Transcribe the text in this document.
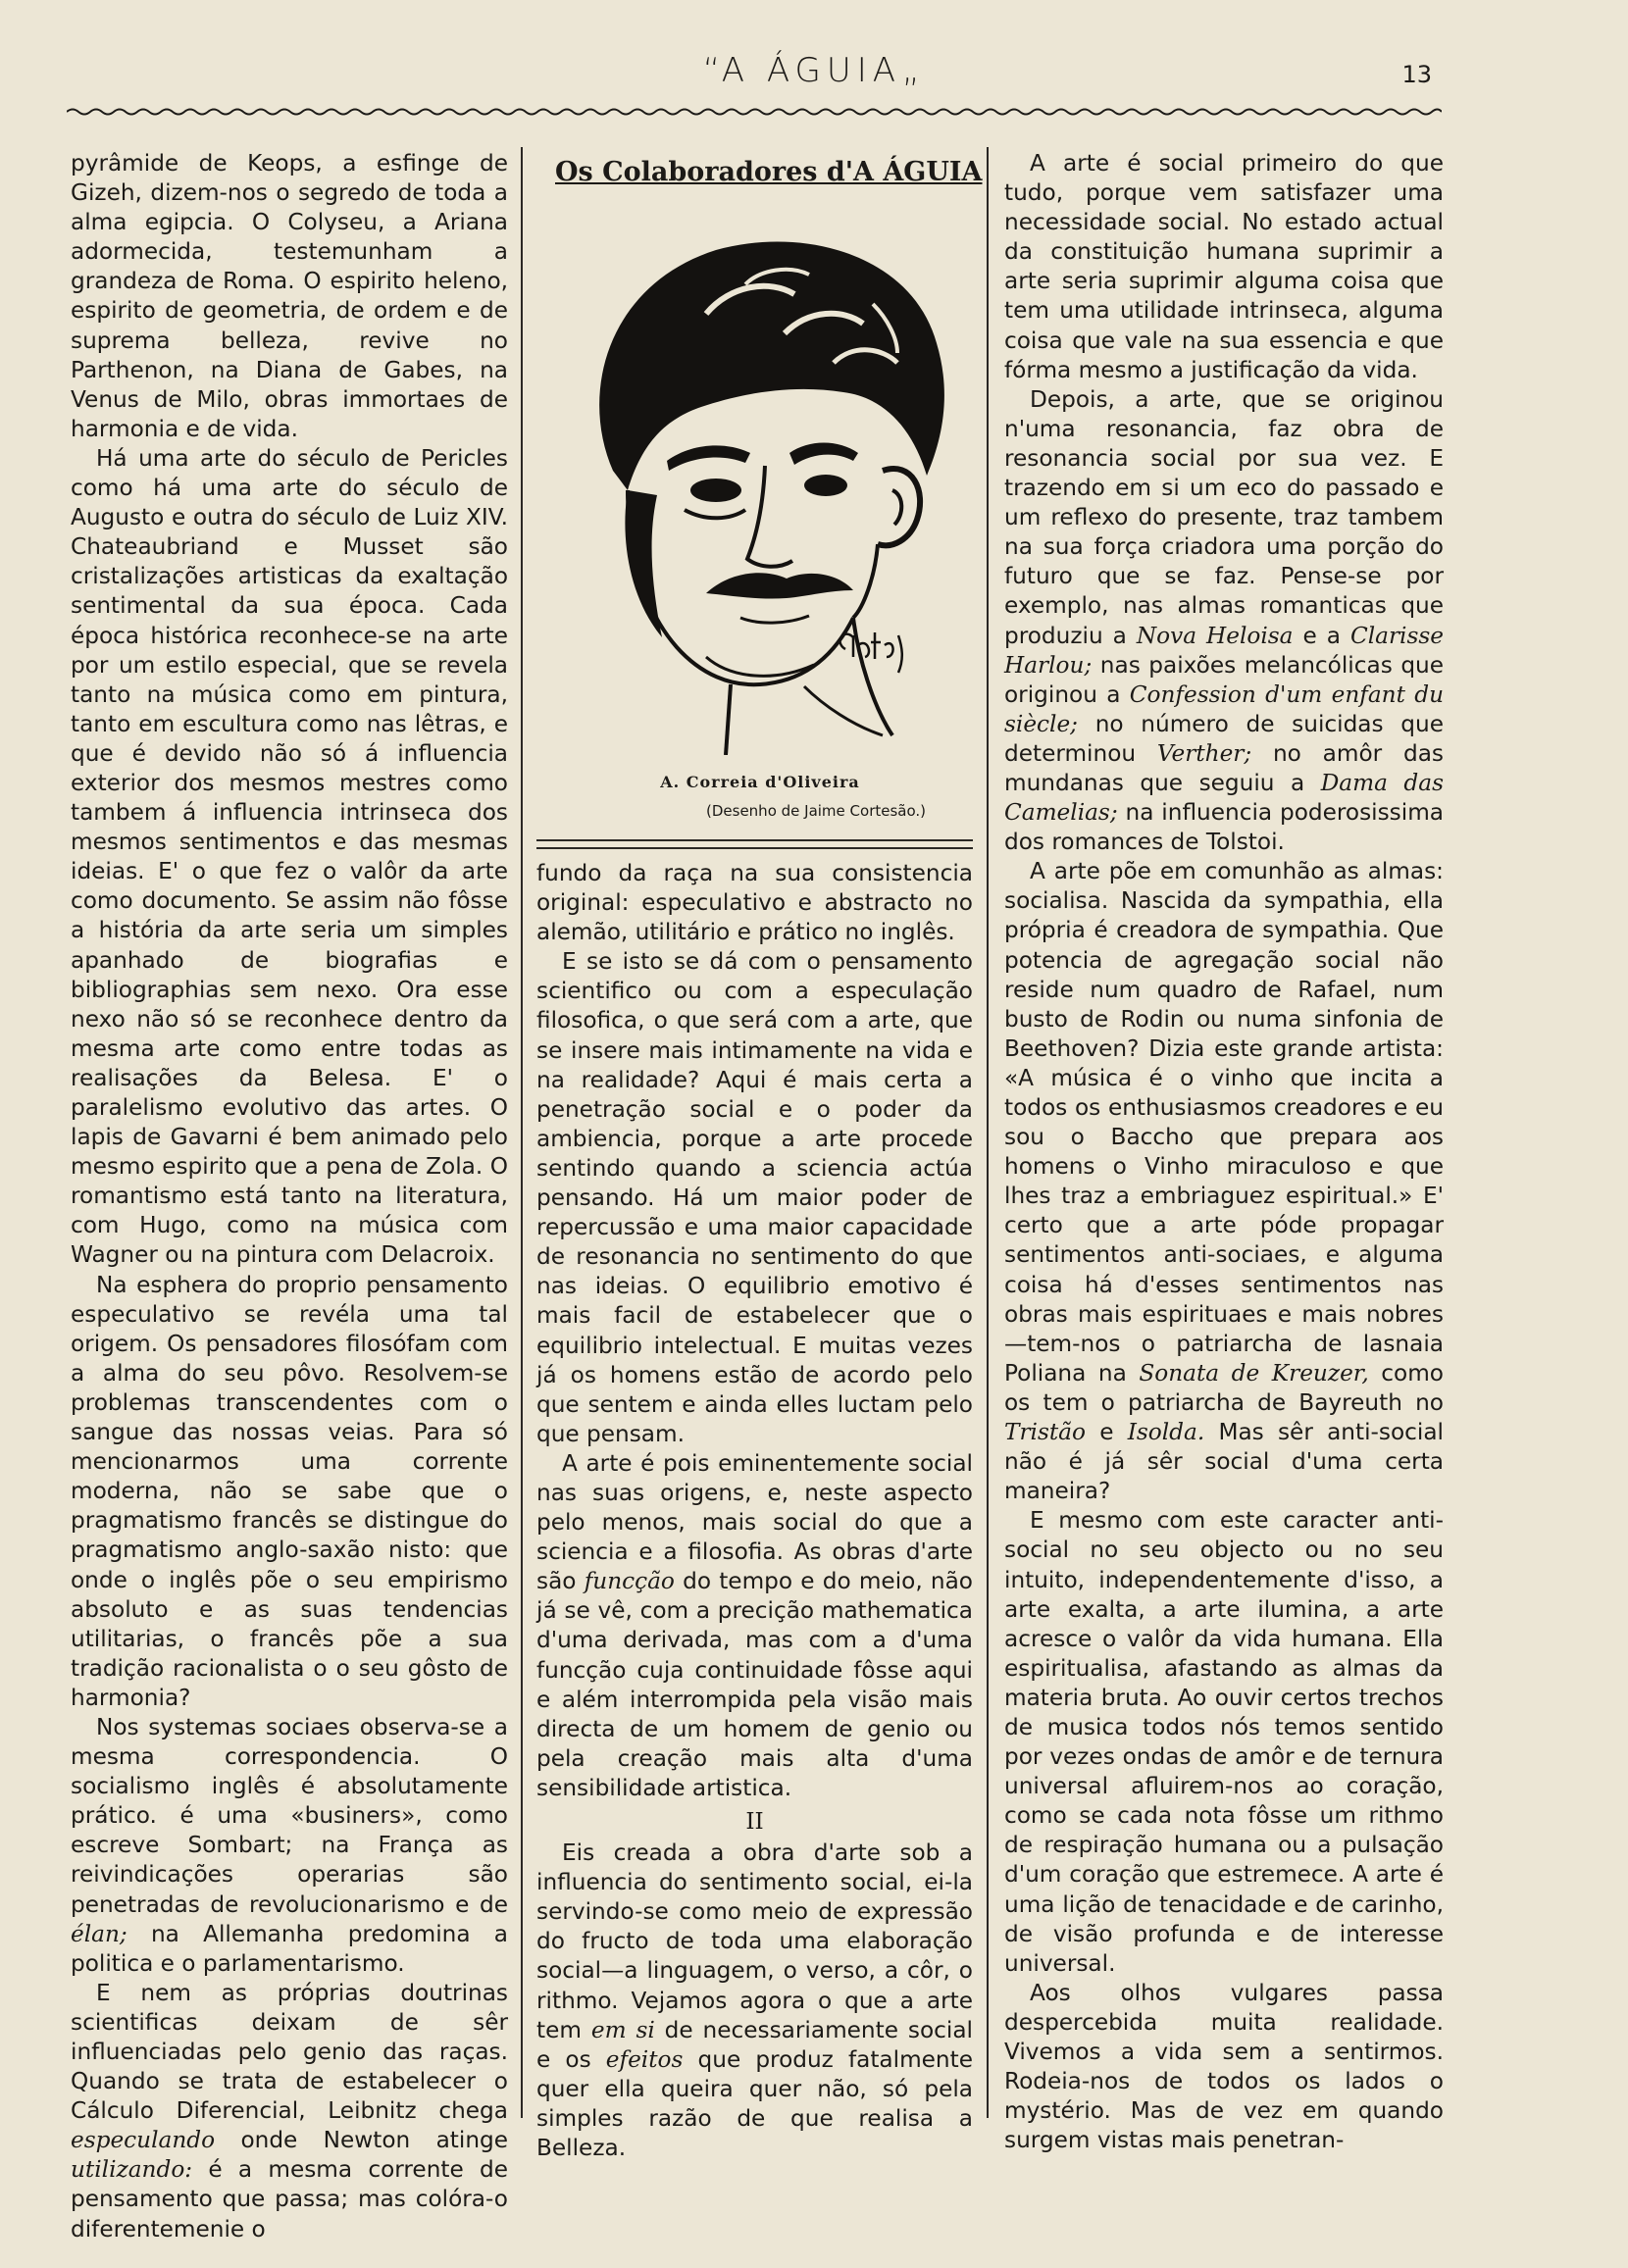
“A ÁGUIA„	13

pyrâmide de Keops, a esfinge de Gizeh, dizem-nos o segredo de toda a alma egipcia. O Colyseu, a Ariana adormecida, testemunham a grandeza de Roma. O espirito heleno, espirito de geometria, de ordem e de suprema belleza, revive no Parthenon, na Diana de Gabes, na Venus de Milo, obras immortaes de harmonia e de vida.

Há uma arte do século de Pericles como há uma arte do século de Augusto e outra do século de Luiz XIV. Chateaubriand e Musset são cristalizações artisticas da exaltação sentimental da sua época. Cada época histórica reconhece-se na arte por um estilo especial, que se revela tanto na música como em pintura, tanto em escultura como nas lêtras, e que é devido não só á influencia exterior dos mesmos mestres como tambem á influencia intrinseca dos mesmos sentimentos e das mesmas ideias. E' o que fez o valôr da arte como documento. Se assim não fôsse a história da arte seria um simples apanhado de biografias e bibliographias sem nexo. Ora esse nexo não só se reconhece dentro da mesma arte como entre todas as realisações da Belesa. E' o paralelismo evolutivo das artes. O lapis de Gavarni é bem animado pelo mesmo espirito que a pena de Zola. O romantismo está tanto na literatura, com Hugo, como na música com Wagner ou na pintura com Delacroix.

Na esphera do proprio pensamento especulativo se revéla uma tal origem. Os pensadores filosófam com a alma do seu pôvo. Resolvem-se problemas transcendentes com o sangue das nossas veias. Para só mencionarmos uma corrente moderna, não se sabe que o pragmatismo francês se distingue do pragmatismo anglo-saxão nisto: que onde o inglês põe o seu empirismo absoluto e as suas tendencias utilitarias, o francês põe a sua tradição racionalista o o seu gôsto de harmonia?

Nos systemas sociaes observa-se a mesma correspondencia. O socialismo inglês é absolutamente prático. é uma «businers», como escreve Sombart; na França as reivindicações operarias são penetradas de revolucionarismo e de élan; na Allemanha predomina a politica e o parlamentarismo.

E nem as próprias doutrinas scientificas deixam de sêr influenciadas pelo genio das raças. Quando se trata de estabelecer o Cálculo Diferencial, Leibnitz chega especulando onde Newton atinge utilizando: é a mesma corrente de pensamento que passa; mas colóra-o diferentemenie o

Os Colaboradores d'A ÁGUIA
A. Correia d'Oliveira
(Desenho de Jaime Cortesão.)

fundo da raça na sua consistencia original: especulativo e abstracto no alemão, utilitário e prático no inglês.

E se isto se dá com o pensamento scientifico ou com a especulação filosofica, o que será com a arte, que se insere mais intimamente na vida e na realidade? Aqui é mais certa a penetração social e o poder da ambiencia, porque a arte procede sentindo quando a sciencia actúa pensando. Há um maior poder de repercussão e uma maior capacidade de resonancia no sentimento do que nas ideias. O equilibrio emotivo é mais facil de estabelecer que o equilibrio intelectual. E muitas vezes já os homens estão de acordo pelo que sentem e ainda elles luctam pelo que pensam.

A arte é pois eminentemente social nas suas origens, e, neste aspecto pelo menos, mais social do que a sciencia e a filosofia. As obras d'arte são funcção do tempo e do meio, não já se vê, com a precição mathematica d'uma derivada, mas com a d'uma funcção cuja continuidade fôsse aqui e além interrompida pela visão mais directa de um homem de genio ou pela creação mais alta d'uma sensibilidade artistica.

II

Eis creada a obra d'arte sob a influencia do sentimento social, ei-la servindo-se como meio de expressão do fructo de toda uma elaboração social—a linguagem, o verso, a côr, o rithmo. Vejamos agora o que a arte tem em si de necessariamente social e os efeitos que produz fatalmente quer ella queira quer não, só pela simples razão de que realisa a Belleza.

A arte é social primeiro do que tudo, porque vem satisfazer uma necessidade social. No estado actual da constituição humana suprimir a arte seria suprimir alguma coisa que tem uma utilidade intrinseca, alguma coisa que vale na sua essencia e que fórma mesmo a justificação da vida.

Depois, a arte, que se originou n'uma resonancia, faz obra de resonancia social por sua vez. E trazendo em si um eco do passado e um reflexo do presente, traz tambem na sua força criadora uma porção do futuro que se faz. Pense-se por exemplo, nas almas romanticas que produziu a Nova Heloisa e a Clarisse Harlou; nas paixões melancólicas que originou a Confession d'um enfant du siècle; no número de suicidas que determinou Verther; no amôr das mundanas que seguiu a Dama das Camelias; na influencia poderosissima dos romances de Tolstoi.

A arte põe em comunhão as almas: socialisa. Nascida da sympathia, ella própria é creadora de sympathia. Que potencia de agregação social não reside num quadro de Rafael, num busto de Rodin ou numa sinfonia de Beethoven? Dizia este grande artista: «A música é o vinho que incita a todos os enthusiasmos creadores e eu sou o Baccho que prepara aos homens o Vinho miraculoso e que lhes traz a embriaguez espiritual.» E' certo que a arte póde propagar sentimentos anti-sociaes, e alguma coisa há d'esses sentimentos nas obras mais espirituaes e mais nobres—tem-nos o patriarcha de lasnaia Poliana na Sonata de Kreuzer, como os tem o patriarcha de Bayreuth no Tristão e Isolda. Mas sêr anti-social não é já sêr social d'uma certa maneira?

E mesmo com este caracter anti-social no seu objecto ou no seu intuito, independentemente d'isso, a arte exalta, a arte ilumina, a arte acresce o valôr da vida humana. Ella espiritualisa, afastando as almas da materia bruta. Ao ouvir certos trechos de musica todos nós temos sentido por vezes ondas de amôr e de ternura universal afluirem-nos ao coração, como se cada nota fôsse um rithmo de respiração humana ou a pulsação d'um coração que estremece. A arte é uma lição de tenacidade e de carinho, de visão profunda e de interesse universal.

Aos olhos vulgares passa despercebida muita realidade. Vivemos a vida sem a sentirmos. Rodeia-nos de todos os lados o mystério. Mas de vez em quando surgem vistas mais penetran-
